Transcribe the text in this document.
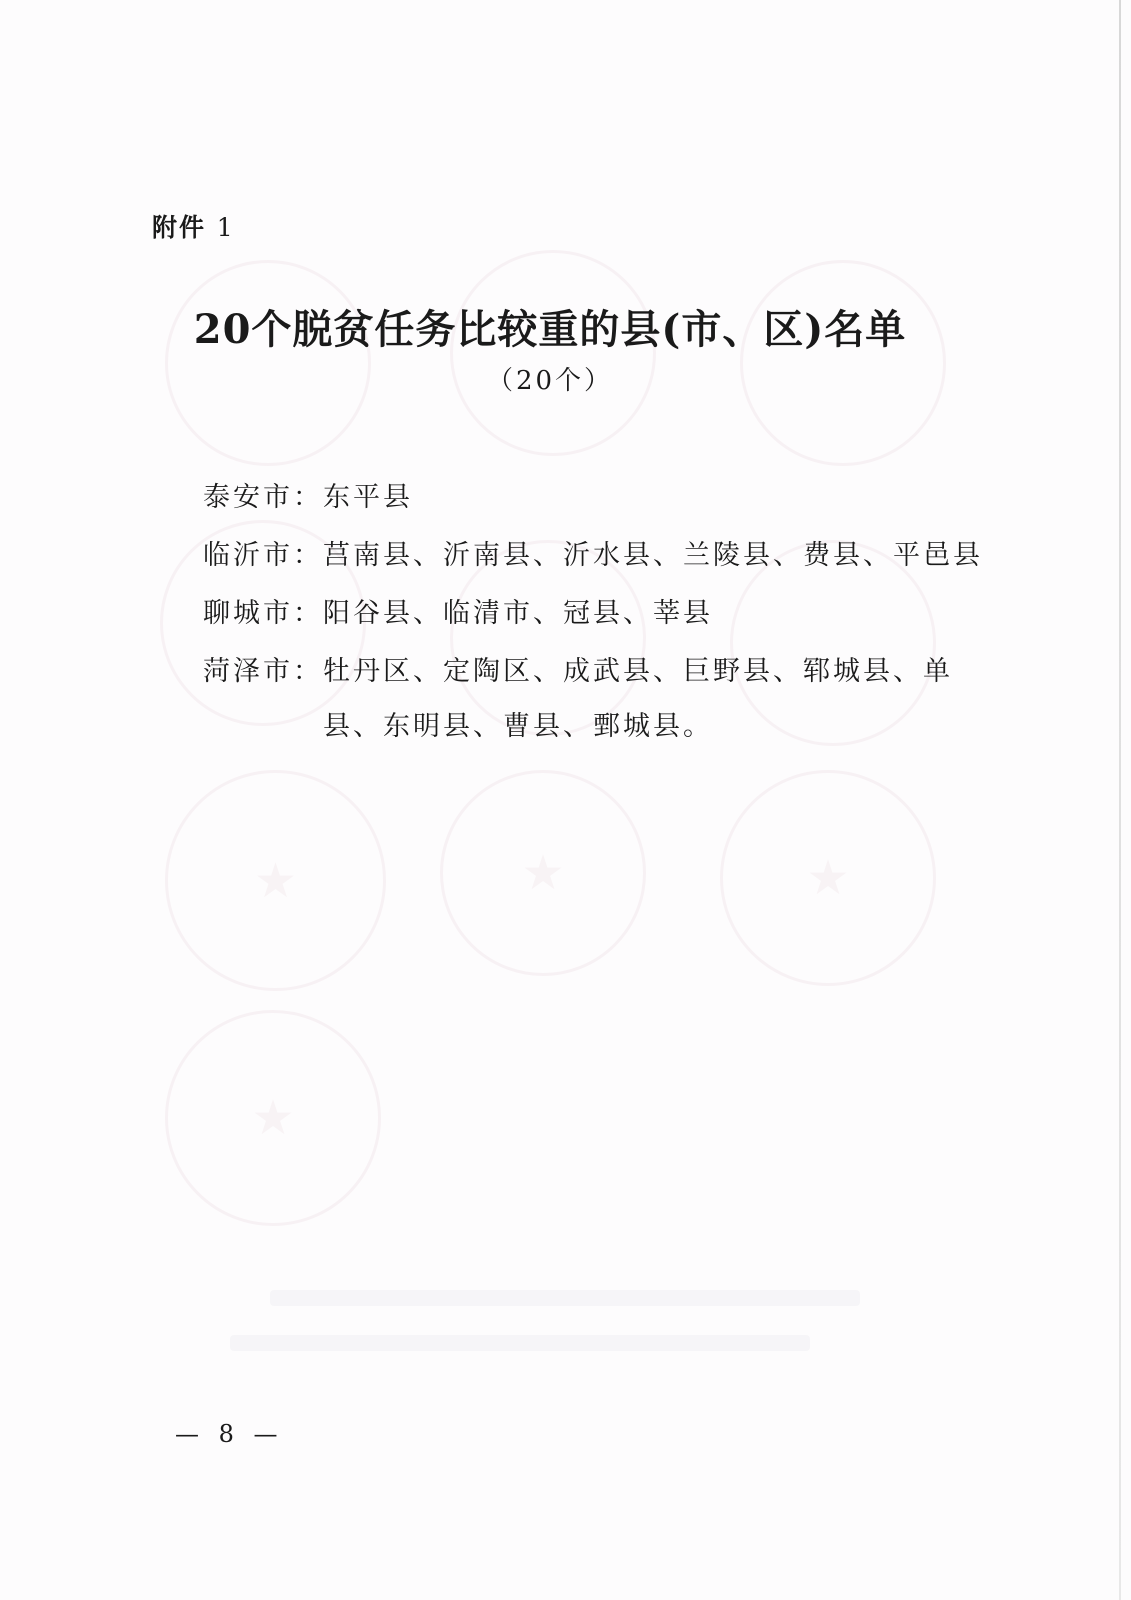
★	★	★
★
附件 1
20个脱贫任务比较重的县(市、区)名单
（20个）
泰安市： 东平县
临沂市： 莒南县、沂南县、沂水县、兰陵县、费县、平邑县
聊城市： 阳谷县、临清市、冠县、莘县
菏泽市： 牡丹区、定陶区、成武县、巨野县、郓城县、单县、东明县、曹县、鄄城县。
— 8 —
